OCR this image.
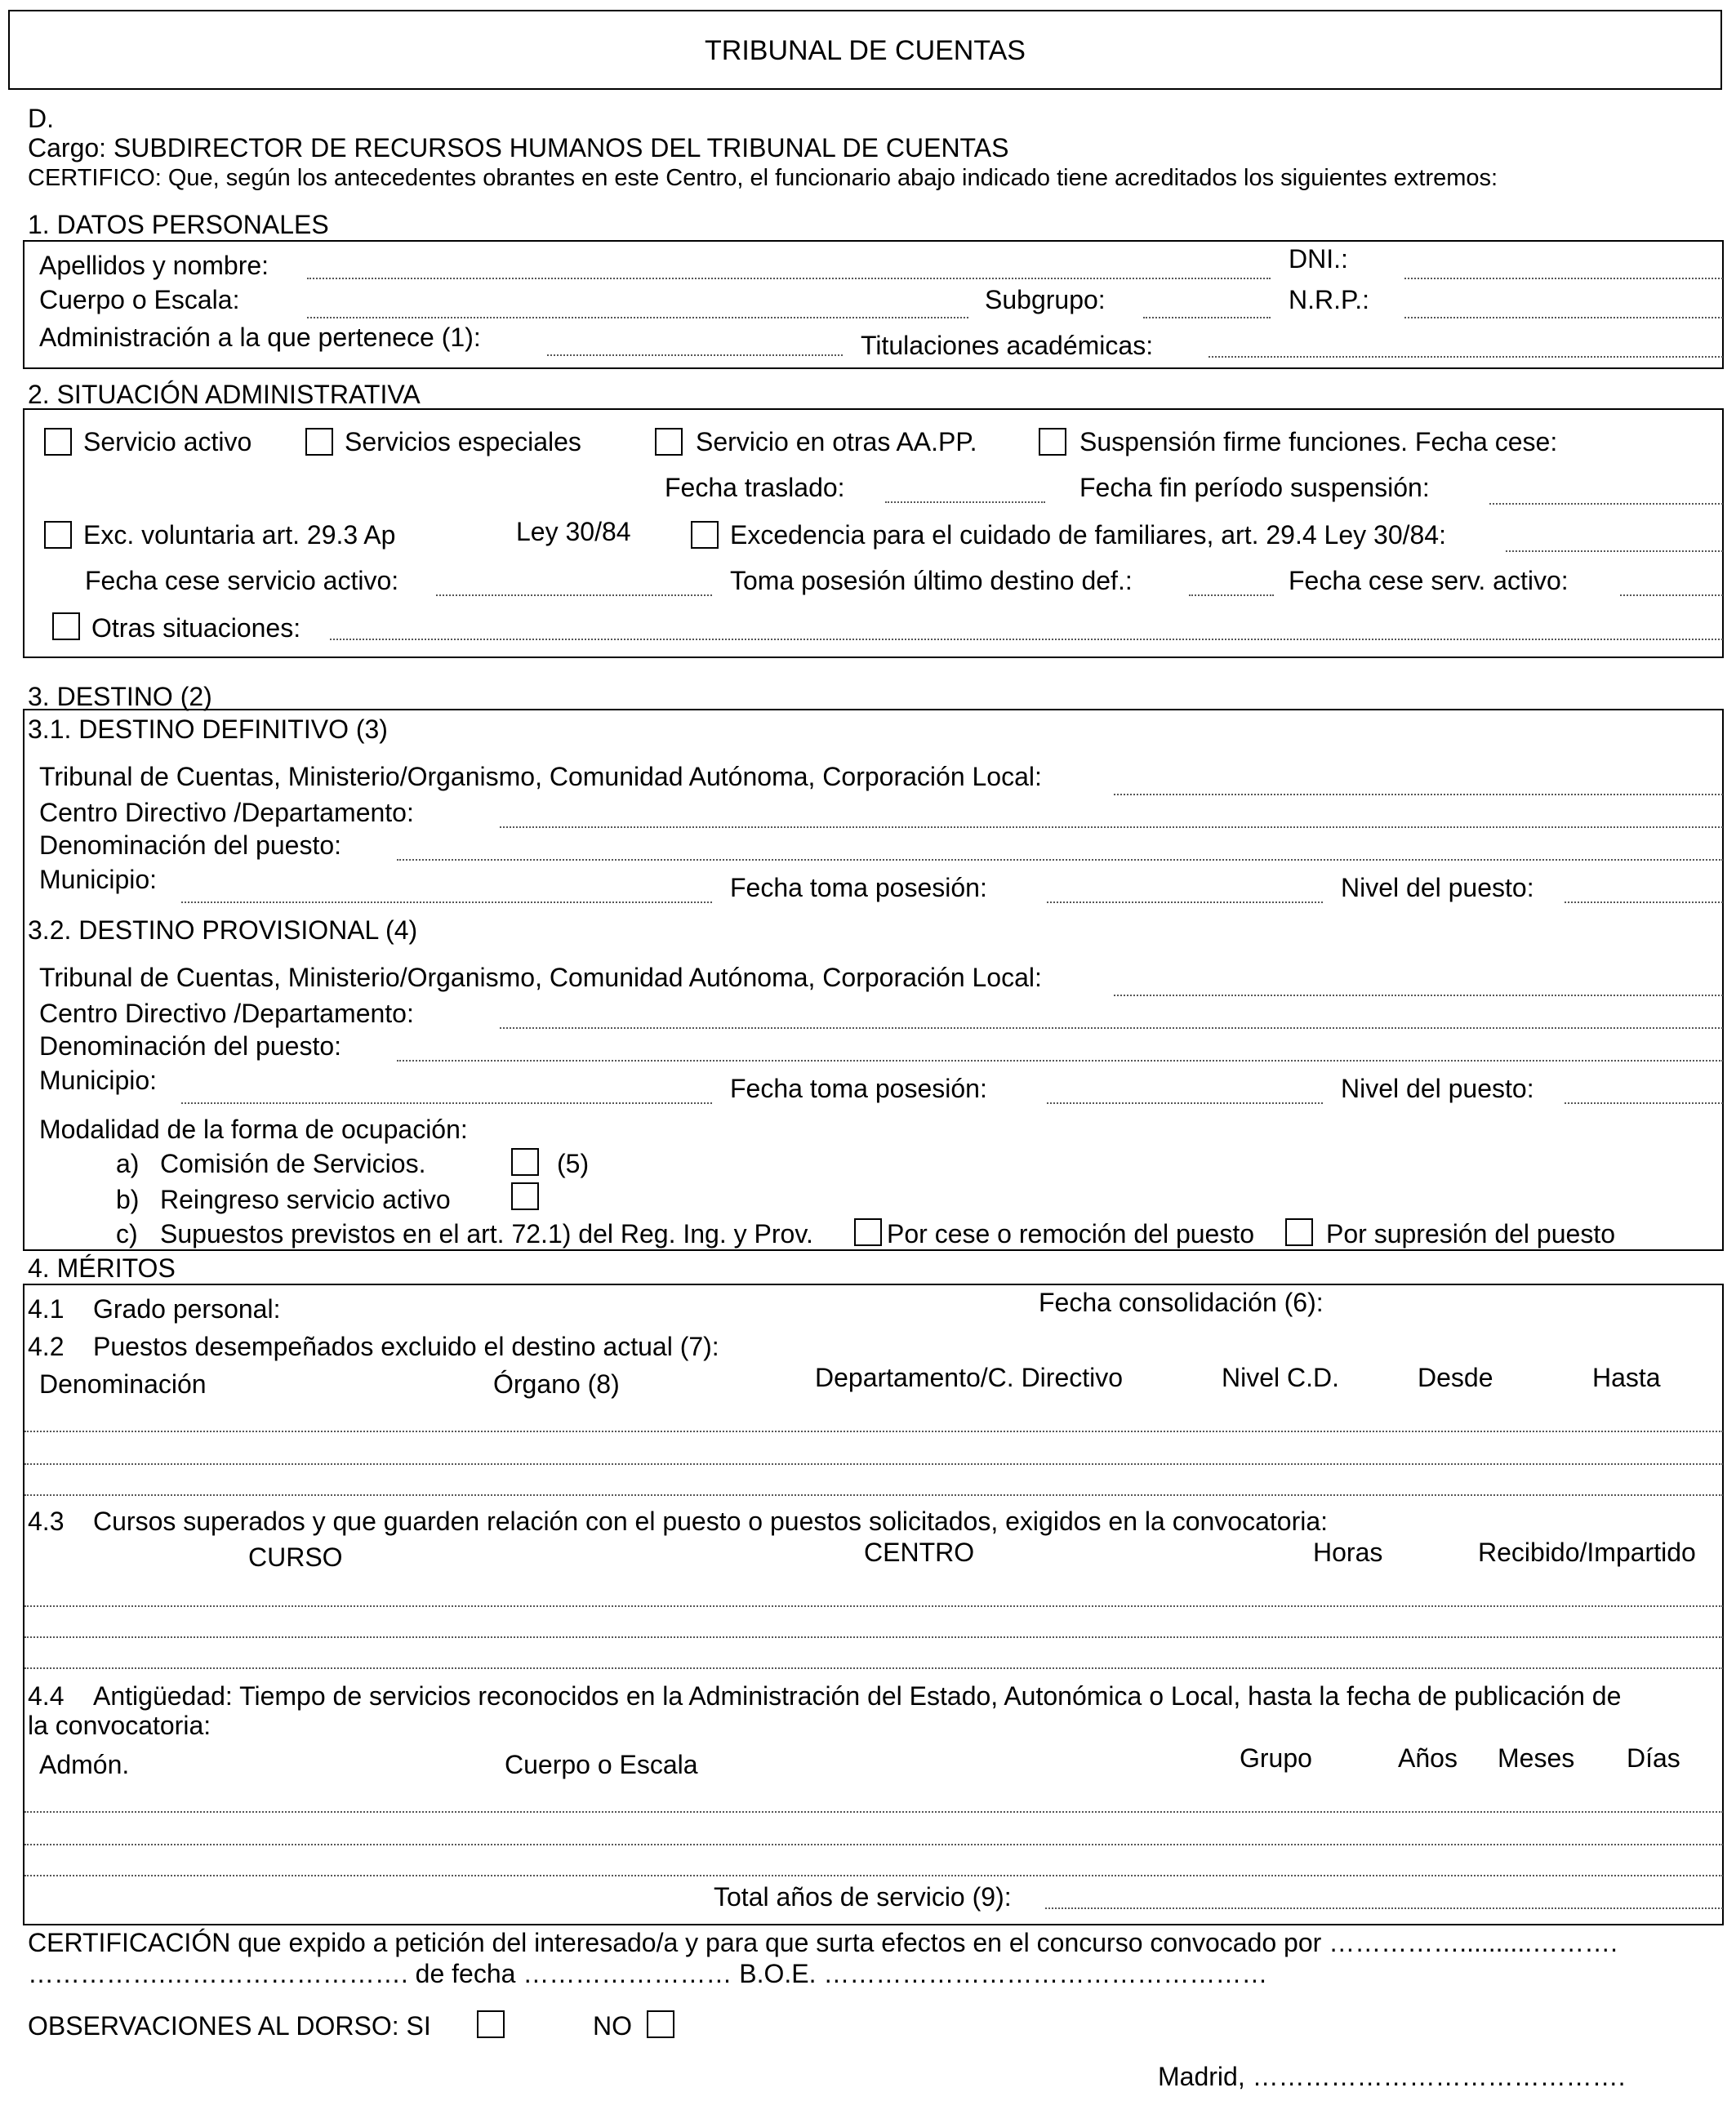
TRIBUNAL DE CUENTAS
D.
Cargo: SUBDIRECTOR DE RECURSOS HUMANOS DEL TRIBUNAL DE CUENTAS
CERTIFICO: Que, según los antecedentes obrantes en este Centro, el funcionario abajo indicado tiene acreditados los siguientes extremos:
1. DATOS PERSONALES
Apellidos y nombre:	DNI.:
Cuerpo o Escala:	Subgrupo:	N.R.P.:
Administración a la que pertenece (1):	Titulaciones académicas:
2. SITUACIÓN ADMINISTRATIVA
Servicio activo	Servicios especiales	Servicio en otras AA.PP.	Suspensión firme funciones. Fecha cese:
Fecha traslado:	Fecha fin período suspensión:
Exc. voluntaria art. 29.3 Ap	Ley 30/84	Excedencia para el cuidado de familiares, art. 29.4 Ley 30/84:
Fecha cese servicio activo:	Toma posesión último destino def.:	Fecha cese serv. activo:
Otras situaciones:
3. DESTINO (2)
3.1. DESTINO DEFINITIVO (3)
Tribunal de Cuentas, Ministerio/Organismo, Comunidad Autónoma, Corporación Local:
Centro Directivo /Departamento:
Denominación del puesto:
Municipio:	Fecha toma posesión:	Nivel del puesto:
3.2. DESTINO PROVISIONAL (4)
Tribunal de Cuentas, Ministerio/Organismo, Comunidad Autónoma, Corporación Local:
Centro Directivo /Departamento:
Denominación del puesto:
Municipio:	Fecha toma posesión:	Nivel del puesto:
Modalidad de la forma de ocupación:
a) Comisión de Servicios.	(5)
b) Reingreso servicio activo
c) Supuestos previstos en el art. 72.1) del Reg. Ing. y Prov.	Por cese o remoción del puesto	Por supresión del puesto
4. MÉRITOS
4.1 Grado personal:	Fecha consolidación (6):
4.2 Puestos desempeñados excluido el destino actual (7):
Denominación	Órgano (8)	Departamento/C. Directivo	Nivel C.D.	Desde	Hasta
4.3 Cursos superados y que guarden relación con el puesto o puestos solicitados, exigidos en la convocatoria:
CURSO	CENTRO	Horas	Recibido/Impartido
4.4 Antigüedad: Tiempo de servicios reconocidos en la Administración del Estado, Autonómica o Local, hasta la fecha de publicación de
la convocatoria:
Admón.	Cuerpo o Escala	Grupo	Años Meses Días
Total años de servicio (9):
CERTIFICACIÓN que expido a petición del interesado/a y para que surta efectos en el concurso convocado por ……………..........……….
…………….………………………. de fecha …………………… B.O.E. ……………………………………………
OBSERVACIONES AL DORSO: SI	NO
Madrid, …………………………………….
